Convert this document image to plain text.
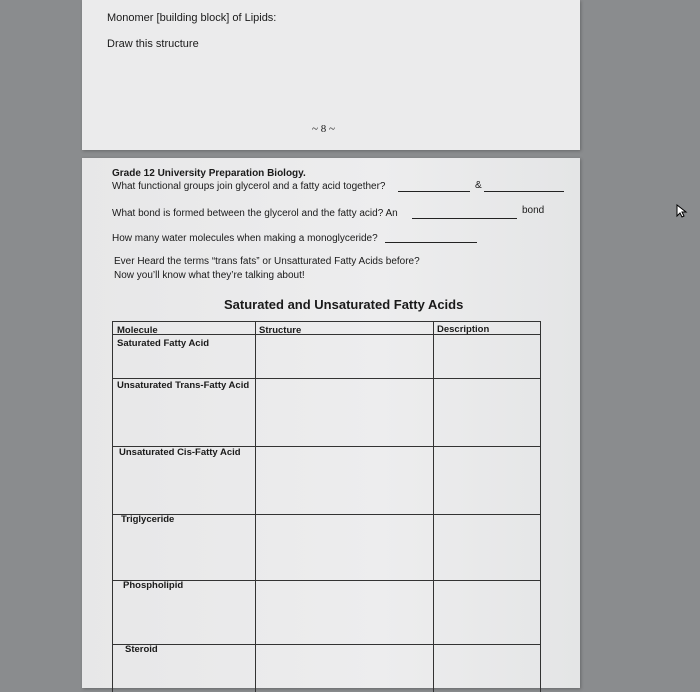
Monomer [building block] of Lipids:
Draw this structure
~ 8 ~
Grade 12 University Preparation Biology.
What functional groups join glycerol and a fatty acid together?	&
What bond is formed between the glycerol and the fatty acid? An	bond
How many water molecules when making a monoglyceride?
Ever Heard the terms “trans fats” or Unsatturated Fatty Acids before?
Now you’ll know what they’re talking about!
Saturated and Unsaturated Fatty Acids
Molecule	Structure	Description
Saturated Fatty Acid
Unsaturated Trans-Fatty Acid
Unsaturated Cis-Fatty Acid
Triglyceride
Phospholipid
Steroid
